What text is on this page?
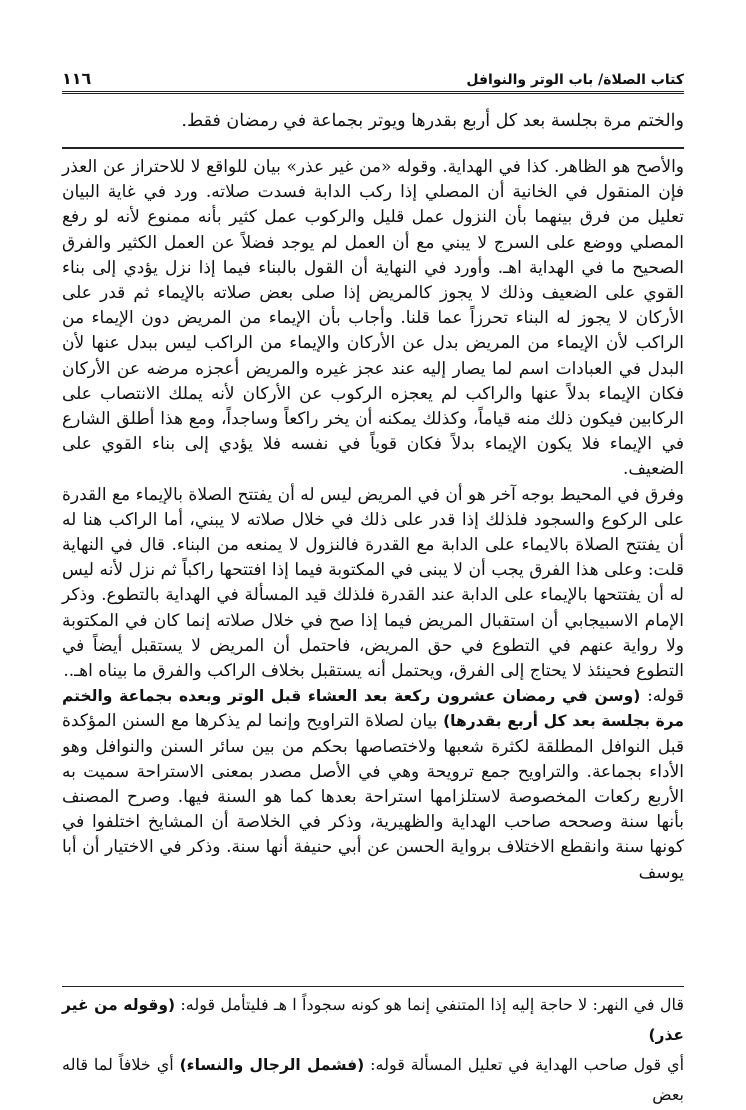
كتاب الصلاة/ باب الوتر والنوافل
١١٦
والختم مرة بجلسة بعد كل أربع بقدرها ويوتر بجماعة في رمضان فقط.

والأصح هو الظاهر. كذا في الهداية. وقوله «من غير عذر» بيان للواقع لا للاحتراز عن العذر فإن المنقول في الخانية أن المصلي إذا ركب الدابة فسدت صلاته. ورد في غاية البيان تعليل من فرق بينهما بأن النزول عمل قليل والركوب عمل كثير بأنه ممنوع لأنه لو رفع المصلي ووضع على السرج لا يبني مع أن العمل لم يوجد فضلاً عن العمل الكثير والفرق الصحيح ما في الهداية اهـ. وأورد في النهاية أن القول بالبناء فيما إذا نزل يؤدي إلى بناء القوي على الضعيف وذلك لا يجوز كالمريض إذا صلى بعض صلاته بالإيماء ثم قدر على الأركان لا يجوز له البناء تحرزاً عما قلنا. وأجاب بأن الإيماء من المريض دون الإيماء من الراكب لأن الإيماء من المريض بدل عن الأركان والإيماء من الراكب ليس ببدل عنها لأن البدل في العبادات اسم لما يصار إليه عند عجز غيره والمريض أعجزه مرضه عن الأركان فكان الإيماء بدلاً عنها والراكب لم يعجزه الركوب عن الأركان لأنه يملك الانتصاب على الركابين فيكون ذلك منه قياماً، وكذلك يمكنه أن يخر راكعاً وساجداً، ومع هذا أطلق الشارع في الإيماء فلا يكون الإيماء بدلاً فكان قوياً في نفسه فلا يؤدي إلى بناء القوي على الضعيف.

وفرق في المحيط بوجه آخر هو أن في المريض ليس له أن يفتتح الصلاة بالإيماء مع القدرة على الركوع والسجود فلذلك إذا قدر على ذلك في خلال صلاته لا يبني، أما الراكب هنا له أن يفتتح الصلاة بالايماء على الدابة مع القدرة فالنزول لا يمنعه من البناء. قال في النهاية قلت: وعلى هذا الفرق يجب أن لا يبنى في المكتوبة فيما إذا افتتحها راكباً ثم نزل لأنه ليس له أن يفتتحها بالإيماء على الدابة عند القدرة فلذلك قيد المسألة في الهداية بالتطوع. وذكر الإمام الاسبيجابي أن استقبال المريض فيما إذا صح في خلال صلاته إنما كان في المكتوبة ولا رواية عنهم في التطوع في حق المريض، فاحتمل أن المريض لا يستقبل أيضاً في التطوع فحينئذ لا يحتاج إلى الفرق، ويحتمل أنه يستقبل بخلاف الراكب والفرق ما بيناه اهـ..

قوله: (وسن في رمضان عشرون ركعة بعد العشاء قبل الوتر وبعده بجماعة والختم مرة بجلسة بعد كل أربع بقدرها) بيان لصلاة التراويح وإنما لم يذكرها مع السنن المؤكدة قبل النوافل المطلقة لكثرة شعبها ولاختصاصها بحكم من بين سائر السنن والنوافل وهو الأداء بجماعة. والتراويح جمع ترويحة وهي في الأصل مصدر بمعنى الاستراحة سميت به الأربع ركعات المخصوصة لاستلزامها استراحة بعدها كما هو السنة فيها. وصرح المصنف بأنها سنة وصححه صاحب الهداية والظهيرية، وذكر في الخلاصة أن المشايخ اختلفوا في كونها سنة وانقطع الاختلاف برواية الحسن عن أبي حنيفة أنها سنة. وذكر في الاختيار أن أبا يوسف

قال في النهر: لا حاجة إليه إذا المتنفي إنما هو كونه سجوداً ا هـ فليتأمل قوله: (وقوله من غير عذر)

أي قول صاحب الهداية في تعليل المسألة قوله: (فشمل الرجال والنساء) أي خلافاً لما قاله بعض
